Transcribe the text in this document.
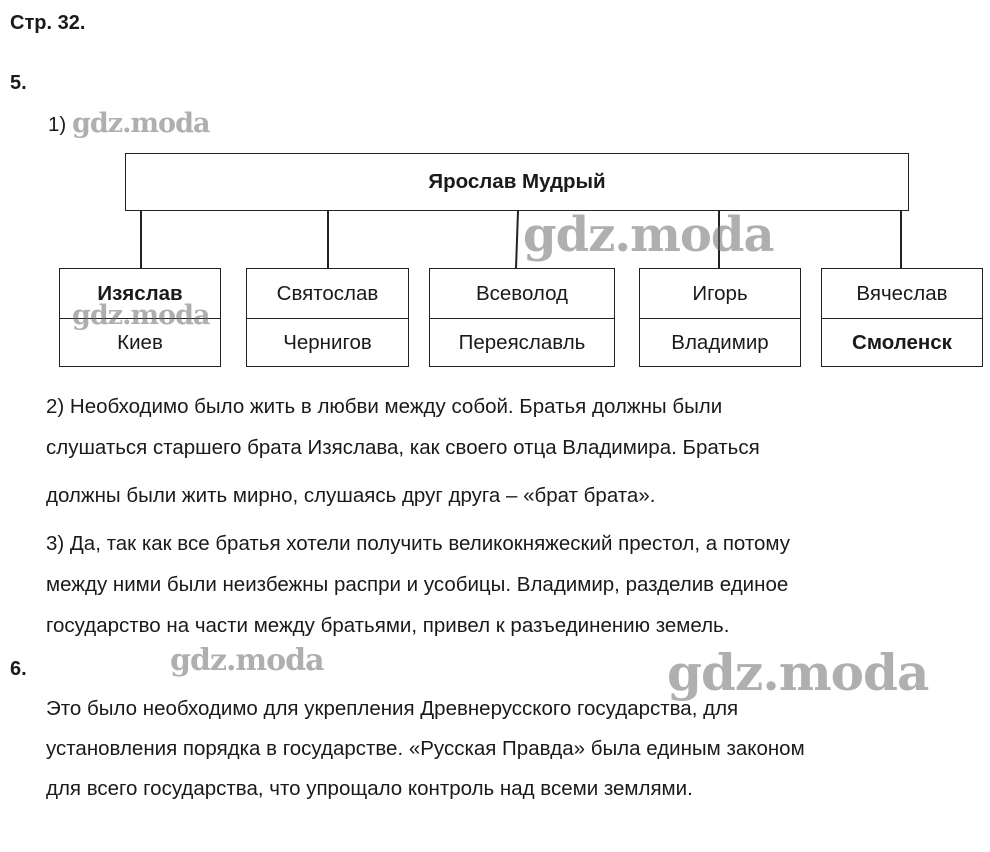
Стр. 32.
5.
1)
Ярослав Мудрый
Изяслав
Киев
Святослав
Чернигов
Всеволод
Переяславль
Игорь
Владимир
Вячеслав
Смоленск
2) Необходимо было жить в любви между собой. Братья должны были
слушаться старшего брата Изяслава, как своего отца Владимира. Браться
должны были жить мирно, слушаясь друг друга – «брат брата».
3) Да, так как все братья хотели получить великокняжеский престол, а потому
между ними были неизбежны распри и усобицы. Владимир, разделив единое
государство на части между братьями, привел к разъединению земель.
6.
Это было необходимо для укрепления Древнерусского государства, для
установления порядка в государстве. «Русская Правда» была единым законом
для всего государства, что упрощало контроль над всеми землями.
gdz.moda
gdz.moda
gdz.moda
gdz.moda	gdz.moda
